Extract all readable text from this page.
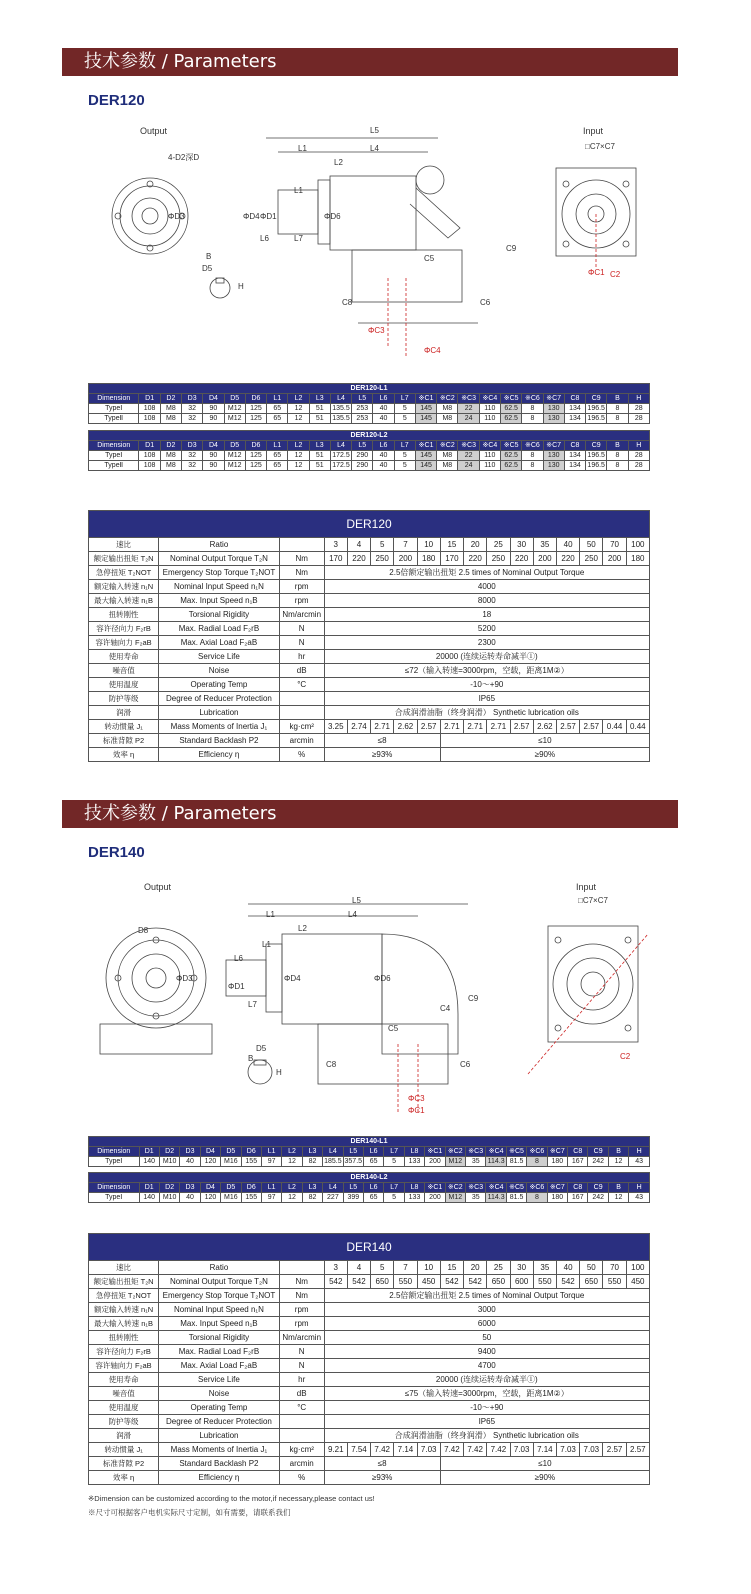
技术参数 / Parameters
DER120
Output	Input
4-D2深D
□C7×C7
L5
L4
L1
L2
L1
L6	L7
ΦD4 ΦD1	ΦD6
ΦD3
B
D5
H
C9
C8	C6
ΦC3
ΦC4
C5
C2
ΦC1
DER120-L1																								
Dimension	D1	D2	D3	D4	D5	D6	L1	L2	L3	L4	L5	L6	L7	※C1	※C2	※C3	※C4	※C5	※C6	※C7	C8	C9	B	H
TypeⅠ	108	M8	32	90	M12	125	65	12	51	135.5	253	40	5	145	M8	22	110	62.5	8	130	134	196.5	8	28
TypeⅡ	108	M8	32	90	M12	125	65	12	51	135.5	253	40	5	145	M8	24	110	62.5	8	130	134	196.5	8	28
DER120-L2																								
Dimension	D1	D2	D3	D4	D5	D6	L1	L2	L3	L4	L5	L6	L7	※C1	※C2	※C3	※C4	※C5	※C6	※C7	C8	C9	B	H
TypeⅠ	108	M8	32	90	M12	125	65	12	51	172.5	290	40	5	145	M8	22	110	62.5	8	130	134	196.5	8	28
TypeⅡ	108	M8	32	90	M12	125	65	12	51	172.5	290	40	5	145	M8	24	110	62.5	8	130	134	196.5	8	28
DER120																
速比	Ratio		3	4	5	7	10	15	20	25	30	35	40	50	70	100
额定输出扭矩 T₂N	Nominal Output Torque T₂N	Nm	170	220	250	200	180	170	220	250	220	200	220	250	200	180
急停扭矩 T₂NOT	Emergency Stop Torque T₂NOT	Nm	2.5倍额定输出扭矩 2.5 times of Nominal Output Torque													
额定输入转速 n₁N	Nominal Input Speed n₁N	rpm	4000													
最大输入转速 n₁B	Max. Input Speed n₁B	rpm	8000													
扭转刚性	Torsional Rigidity	Nm/arcmin	18													
容许径向力 F₂rB	Max. Radial Load F₂rB	N	5200													
容许轴向力 F₂aB	Max. Axial Load F₂aB	N	2300													
使用寿命	Service Life	hr	20000 (连续运转寿命减半①)													
噪音值	Noise	dB	≤72（输入转速=3000rpm，空载，距离1M②）													
使用温度	Operating Temp	°C	-10～+90													
防护等级	Degree of Reducer Protection		IP65													
润滑	Lubrication		合成润滑油脂（终身润滑） Synthetic lubrication oils													
转动惯量 J₁	Mass Moments of Inertia J₁	kg·cm²	3.25	2.74	2.71	2.62	2.57	2.71	2.71	2.71	2.57	2.62	2.57	2.57	0.44	0.44
标准背隙 P2	Standard Backlash P2	arcmin	≤8					≤10								
效率 η	Efficiency η	%	≥93%					≥90%								
技术参数 / Parameters
DER140
Output	Input
D8
□C7×C7
L5
L4
L1
L2
L1
L6
L7
ΦD4
ΦD1
ΦD6
ΦD3
B
D5
H
C9
C8	C6
ΦC3
C4
C5
C2
ΦC1
DER140-L1																									
Dimension	D1	D2	D3	D4	D5	D6	L1	L2	L3	L4	L5	L6	L7	L8	※C1	※C2	※C3	※C4	※C5	※C6	※C7	C8	C9	B	H
TypeⅠ	140	M10	40	120	M16	155	97	12	82	185.5	357.5	65	5	133	200	M12	35	114.3	81.5	8	180	167	242	12	43
DER140-L2																									
Dimension	D1	D2	D3	D4	D5	D6	L1	L2	L3	L4	L5	L6	L7	L8	※C1	※C2	※C3	※C4	※C5	※C6	※C7	C8	C9	B	H
TypeⅠ	140	M10	40	120	M16	155	97	12	82	227	399	65	5	133	200	M12	35	114.3	81.5	8	180	167	242	12	43
DER140																
速比	Ratio		3	4	5	7	10	15	20	25	30	35	40	50	70	100
额定输出扭矩 T₂N	Nominal Output Torque T₂N	Nm	542	542	650	550	450	542	542	650	600	550	542	650	550	450
急停扭矩 T₂NOT	Emergency Stop Torque T₂NOT	Nm	2.5倍额定输出扭矩 2.5 times of Nominal Output Torque													
额定输入转速 n₁N	Nominal Input Speed n₁N	rpm	3000													
最大输入转速 n₁B	Max. Input Speed n₁B	rpm	6000													
扭转刚性	Torsional Rigidity	Nm/arcmin	50													
容许径向力 F₂rB	Max. Radial Load F₂rB	N	9400													
容许轴向力 F₂aB	Max. Axial Load F₂aB	N	4700													
使用寿命	Service Life	hr	20000 (连续运转寿命减半①)													
噪音值	Noise	dB	≤75（输入转速=3000rpm，空载，距离1M②）													
使用温度	Operating Temp	°C	-10～+90													
防护等级	Degree of Reducer Protection		IP65													
润滑	Lubrication		合成润滑油脂（终身润滑） Synthetic lubrication oils													
转动惯量 J₁	Mass Moments of Inertia J₁	kg·cm²	9.21	7.54	7.42	7.14	7.03	7.42	7.42	7.42	7.03	7.14	7.03	7.03	2.57	2.57
标准背隙 P2	Standard Backlash P2	arcmin	≤8					≤10								
效率 η	Efficiency η	%	≥93%					≥90%								
※Dimension can be customized according to the motor,if necessary,please contact us!
※尺寸可根据客户电机实际尺寸定制，如有需要，请联系我们
